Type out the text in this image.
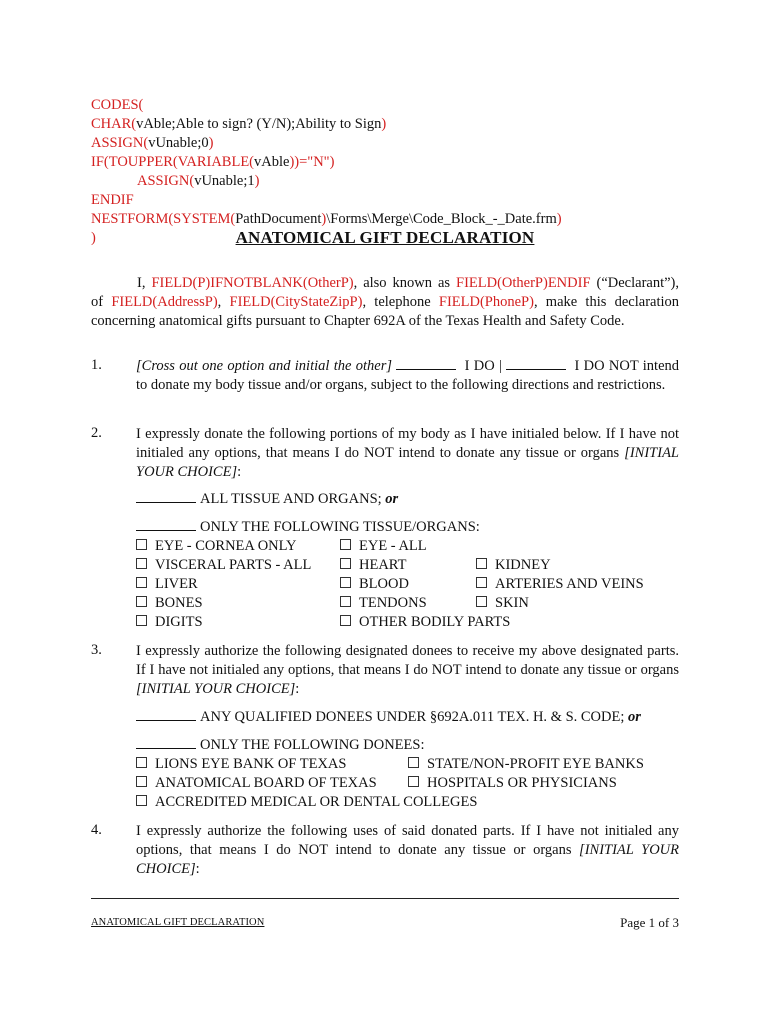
CODES(
CHAR(vAble;Able to sign? (Y/N);Ability to Sign)
ASSIGN(vUnable;0)
IF(TOUPPER(VARIABLE(vAble))="N")
ASSIGN(vUnable;1)
ENDIF
NESTFORM(SYSTEM(PathDocument)\Forms\Merge\Code_Block_-_Date.frm)
)	ANATOMICAL GIFT DECLARATION
I, FIELD(P)IFNOTBLANK(OtherP), also known as FIELD(OtherP)ENDIF (“Declarant”), of FIELD(AddressP), FIELD(CityStateZipP), telephone FIELD(PhoneP), make this declaration concerning anatomical gifts pursuant to Chapter 692A of the Texas Health and Safety Code.
1. [Cross out one option and initial the other]	I DO |	I DO NOT intend to donate my body tissue and/or organs, subject to the following directions and restrictions.
2. I expressly donate the following portions of my body as I have initialed below. If I have not initialed any options, that means I do NOT intend to donate any tissue or organs [INITIAL YOUR CHOICE]:
ALL TISSUE AND ORGANS; or
ONLY THE FOLLOWING TISSUE/ORGANS:
EYE - CORNEA ONLY	EYE - ALL
VISCERAL PARTS - ALL	HEART	KIDNEY
LIVER	BLOOD	ARTERIES AND VEINS
BONES	TENDONS	SKIN
DIGITS	OTHER BODILY PARTS
3. I expressly authorize the following designated donees to receive my above designated parts. If I have not initialed any options, that means I do NOT intend to donate any tissue or organs [INITIAL YOUR CHOICE]:
ANY QUALIFIED DONEES UNDER §692A.011 TEX. H. & S. CODE; or
ONLY THE FOLLOWING DONEES:
LIONS EYE BANK OF TEXAS	STATE/NON-PROFIT EYE BANKS
ANATOMICAL BOARD OF TEXAS	HOSPITALS OR PHYSICIANS
ACCREDITED MEDICAL OR DENTAL COLLEGES
4. I expressly authorize the following uses of said donated parts. If I have not initialed any options, that means I do NOT intend to donate any tissue or organs [INITIAL YOUR CHOICE]:
ANATOMICAL GIFT DECLARATION	Page 1 of 3
